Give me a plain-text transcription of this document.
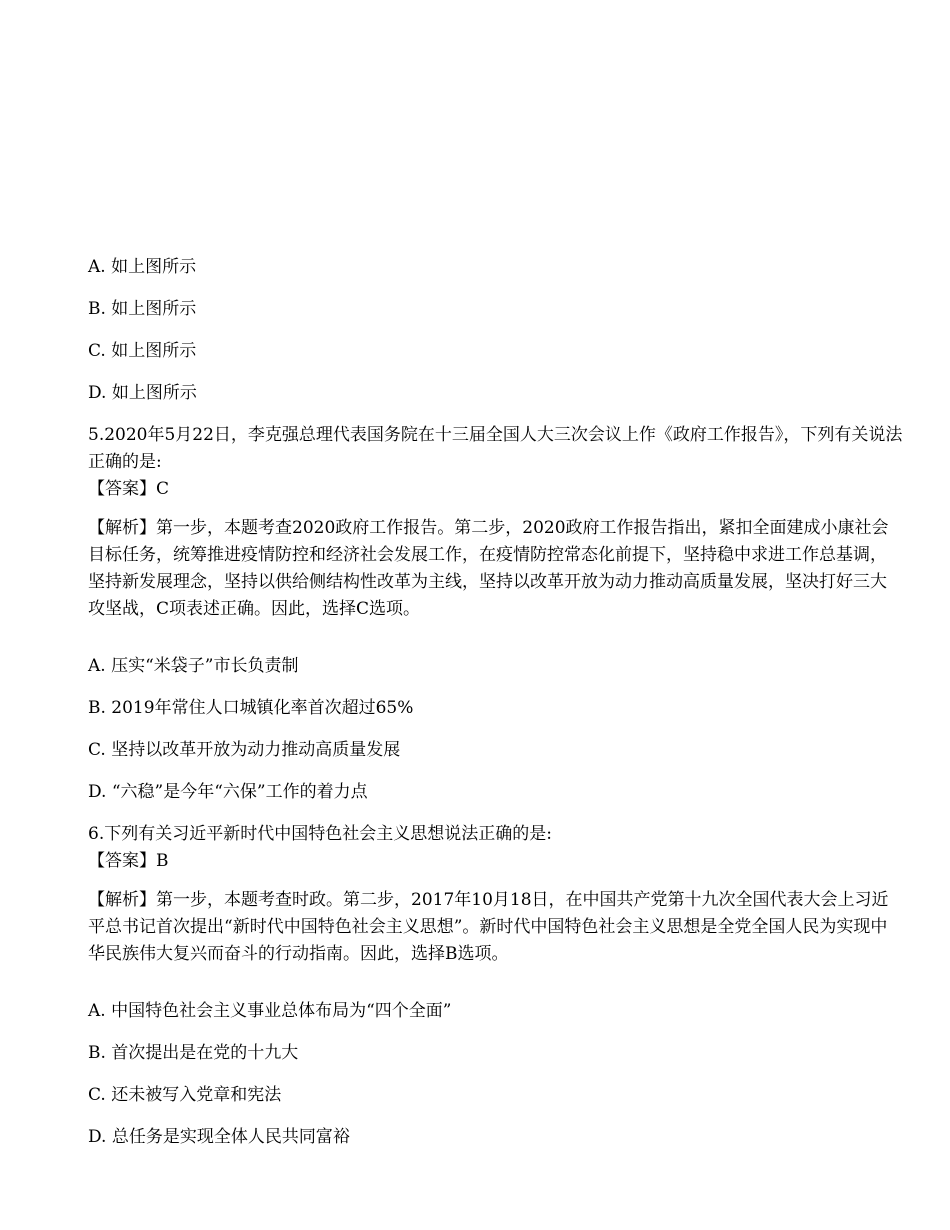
A. 如上图所示

B. 如上图所示

C. 如上图所示

D. 如上图所示

5.2020年5月22日，李克强总理代表国务院在十三届全国人大三次会议上作《政府工作报告》，下列有关说法正确的是:

【答案】C

【解析】第一步，本题考查2020政府工作报告。第二步，2020政府工作报告指出，紧扣全面建成小康社会目标任务，统筹推进疫情防控和经济社会发展工作，在疫情防控常态化前提下，坚持稳中求进工作总基调，坚持新发展理念，坚持以供给侧结构性改革为主线，坚持以改革开放为动力推动高质量发展，坚决打好三大攻坚战，C项表述正确。因此，选择C选项。

A. 压实“米袋子”市长负责制

B. 2019年常住人口城镇化率首次超过65%

C. 坚持以改革开放为动力推动高质量发展

D. “六稳”是今年“六保”工作的着力点

6.下列有关习近平新时代中国特色社会主义思想说法正确的是:

【答案】B

【解析】第一步，本题考查时政。第二步，2017年10月18日，在中国共产党第十九次全国代表大会上习近平总书记首次提出“新时代中国特色社会主义思想”。新时代中国特色社会主义思想是全党全国人民为实现中华民族伟大复兴而奋斗的行动指南。因此，选择B选项。

A. 中国特色社会主义事业总体布局为“四个全面”

B. 首次提出是在党的十九大

C. 还未被写入党章和宪法

D. 总任务是实现全体人民共同富裕
